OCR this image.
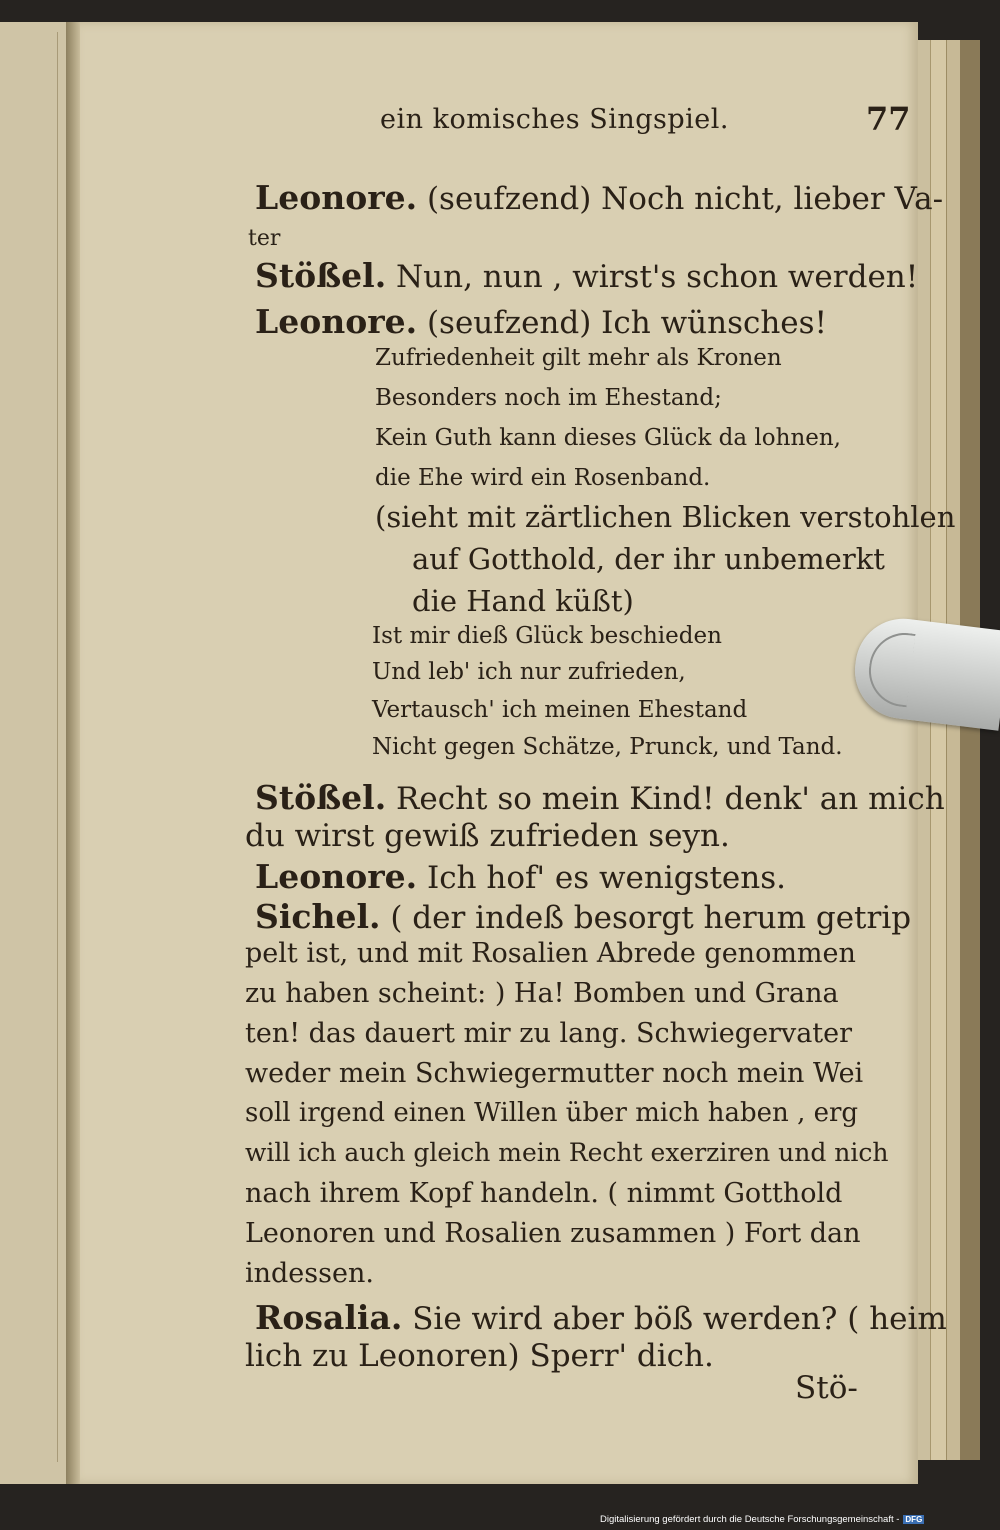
ein komisches Singspiel.	77
Leonore. (seufzend) Noch nicht, lieber Va-
ter
Stößel. Nun, nun , wirst's schon werden!
Leonore. (seufzend) Ich wünsches!
Zufriedenheit gilt mehr als Kronen
Besonders noch im Ehestand;
Kein Guth kann dieses Glück da lohnen,
die Ehe wird ein Rosenband.
(sieht mit zärtlichen Blicken verstohlen
auf Gotthold, der ihr unbemerkt
die Hand küßt)
Ist mir dieß Glück beschieden
Und leb' ich nur zufrieden,
Vertausch' ich meinen Ehestand
Nicht gegen Schätze, Prunck, und Tand.
Stößel. Recht so mein Kind! denk' an mich
du wirst gewiß zufrieden seyn.
Leonore. Ich hof' es wenigstens.
Sichel. ( der indeß besorgt herum getrip
pelt ist, und mit Rosalien Abrede genommen
zu haben scheint: ) Ha! Bomben und Grana
ten! das dauert mir zu lang. Schwiegervater
weder mein Schwiegermutter noch mein Wei
soll irgend einen Willen über mich haben , erg
will ich auch gleich mein Recht exerziren und nich
nach ihrem Kopf handeln. ( nimmt Gotthold
Leonoren und Rosalien zusammen ) Fort dan
indessen.
Rosalia. Sie wird aber böß werden? ( heim
lich zu Leonoren) Sperr' dich.
Stö-
Digitalisierung gefördert durch die Deutsche Forschungsgemeinschaft - DFG
